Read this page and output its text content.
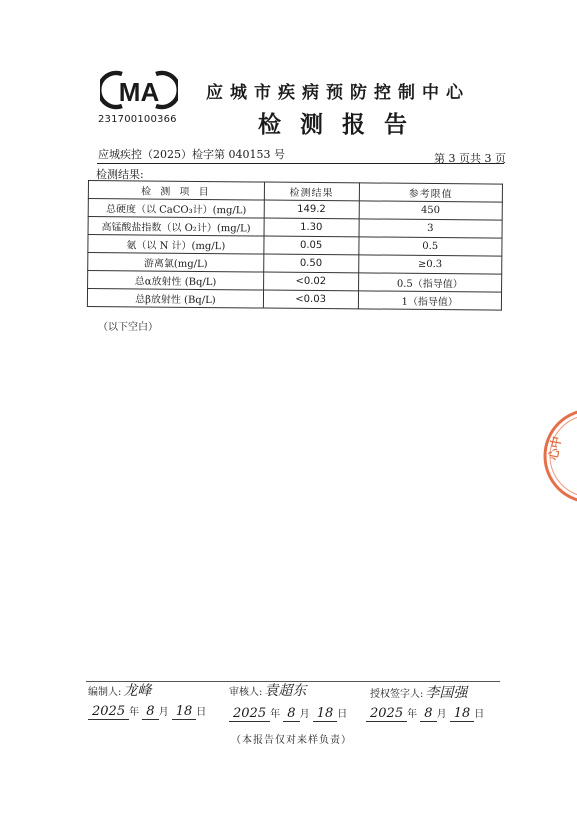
MA
231700100366
应城市疾病预防控制中心
检测报告
应城疾控（2025）检字第 040153 号	第 3 页共 3 页
检测结果:
检 测 项 目	检测结果	参考限值
总硬度（以 CaCO₃计）(mg/L)	149.2	450
高锰酸盐指数（以 O₂计）(mg/L)	1.30	3
氨（以 N 计）(mg/L)	0.05	0.5
游离氯(mg/L)	0.50	≥0.3
总α放射性 (Bq/L)	<0.02	0.5（指导值）
总β放射性 (Bq/L)	<0.03	1（指导值）
（以下空白）
心中
编制人: 龙峰	审核人: 袁超东	授权签字人: 李国强
2025 年 8 月 18 日	2025 年 8 月 18 日	2025 年 8 月 18 日
（本报告仅对来样负责）
